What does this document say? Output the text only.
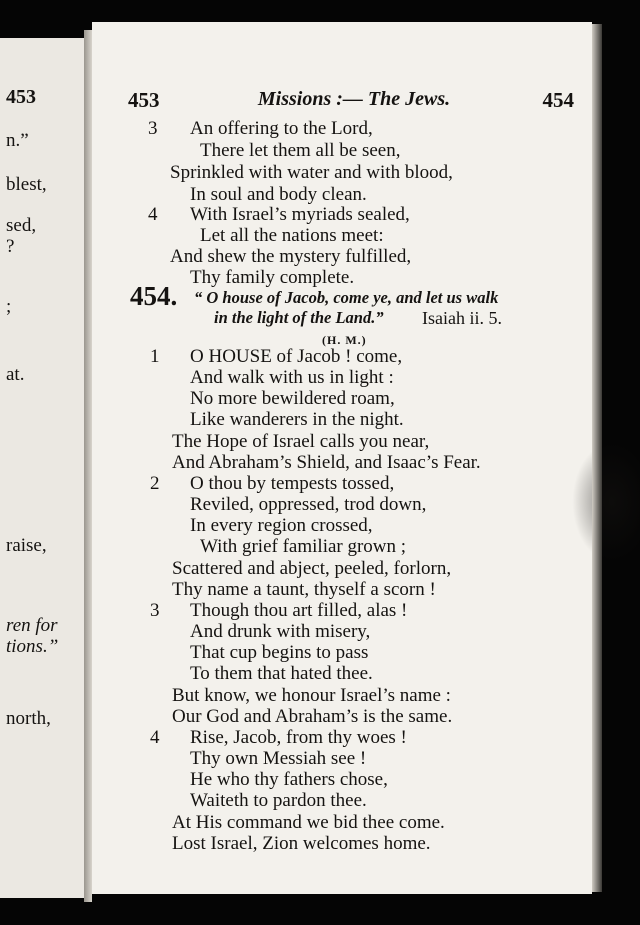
453
n.”
blest,
sed,
?
;
at.
raise,
ren for
tions.”
north,
453	Missions :— The Jews.	454
3 An offering to the Lord,
There let them all be seen,
Sprinkled with water and with blood,
In soul and body clean.
4 With Israel’s myriads sealed,
Let all the nations meet:
And shew the mystery fulfilled,
Thy family complete.
454. “ O house of Jacob, come ye, and let us walk
in the light of the Land.” Isaiah ii. 5.
(H. M.)
1 O HOUSE of Jacob ! come,
And walk with us in light :
No more bewildered roam,
Like wanderers in the night.
The Hope of Israel calls you near,
And Abraham’s Shield, and Isaac’s Fear.
2 O thou by tempests tossed,
Reviled, oppressed, trod down,
In every region crossed,
With grief familiar grown ;
Scattered and abject, peeled, forlorn,
Thy name a taunt, thyself a scorn !
3 Though thou art filled, alas !
And drunk with misery,
That cup begins to pass
To them that hated thee.
But know, we honour Israel’s name :
Our God and Abraham’s is the same.
4 Rise, Jacob, from thy woes !
Thy own Messiah see !
He who thy fathers chose,
Waiteth to pardon thee.
At His command we bid thee come.
Lost Israel, Zion welcomes home.
